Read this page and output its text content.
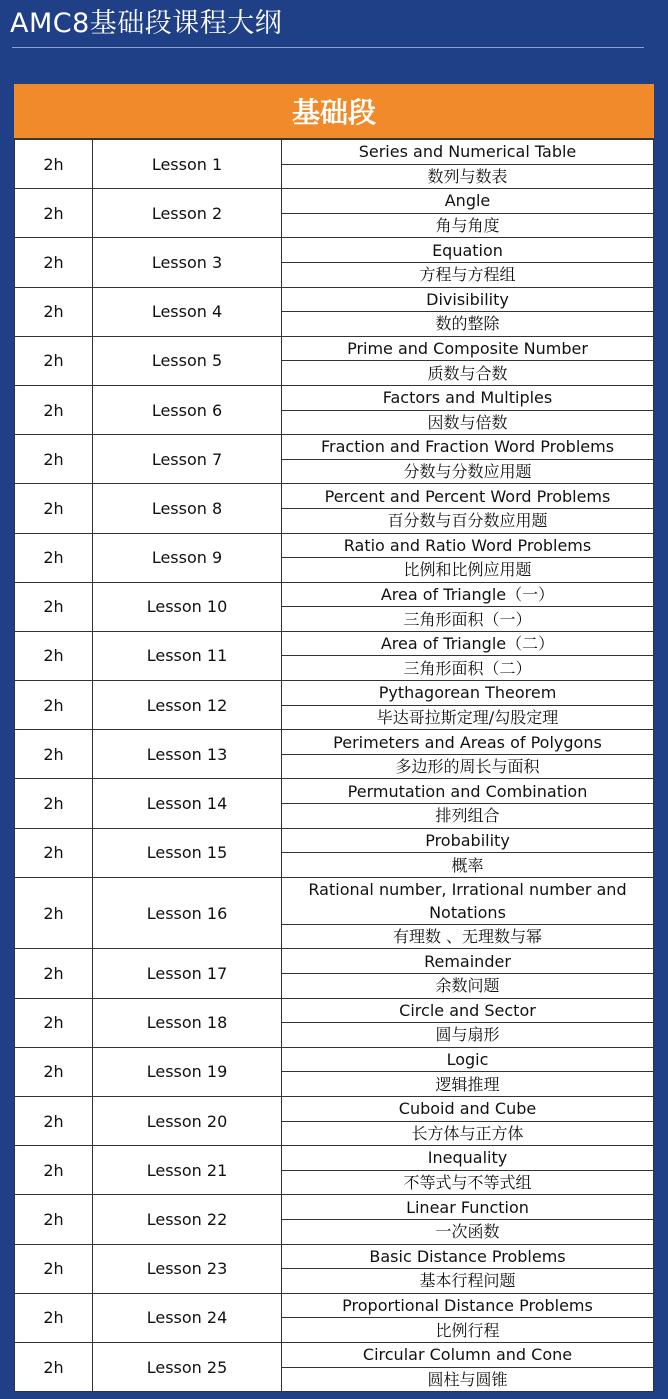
AMC8基础段课程大纲
基础段
2h	Lesson 1	Series and Numerical Table
		数列与数表
2h	Lesson 2	Angle
		角与角度
2h	Lesson 3	Equation
		方程与方程组
2h	Lesson 4	Divisibility
		数的整除
2h	Lesson 5	Prime and Composite Number
		质数与合数
2h	Lesson 6	Factors and Multiples
		因数与倍数
2h	Lesson 7	Fraction and Fraction Word Problems
		分数与分数应用题
2h	Lesson 8	Percent and Percent Word Problems
		百分数与百分数应用题
2h	Lesson 9	Ratio and Ratio Word Problems
		比例和比例应用题
2h	Lesson 10	Area of Triangle（一）
		三角形面积（一）
2h	Lesson 11	Area of Triangle（二）
		三角形面积（二）
2h	Lesson 12	Pythagorean Theorem
		毕达哥拉斯定理/勾股定理
2h	Lesson 13	Perimeters and Areas of Polygons
		多边形的周长与面积
2h	Lesson 14	Permutation and Combination
		排列组合
2h	Lesson 15	Probability
		概率
2h	Lesson 16	Rational number, Irrational number and
Notations

		有理数 、无理数与幂
2h	Lesson 17	Remainder
		余数问题
2h	Lesson 18	Circle and Sector
		圆与扇形
2h	Lesson 19	Logic
		逻辑推理
2h	Lesson 20	Cuboid and Cube
		长方体与正方体
2h	Lesson 21	Inequality
		不等式与不等式组
2h	Lesson 22	Linear Function
		一次函数
2h	Lesson 23	Basic Distance Problems
		基本行程问题
2h	Lesson 24	Proportional Distance Problems
		比例行程
2h	Lesson 25	Circular Column and Cone
		圆柱与圆锥
